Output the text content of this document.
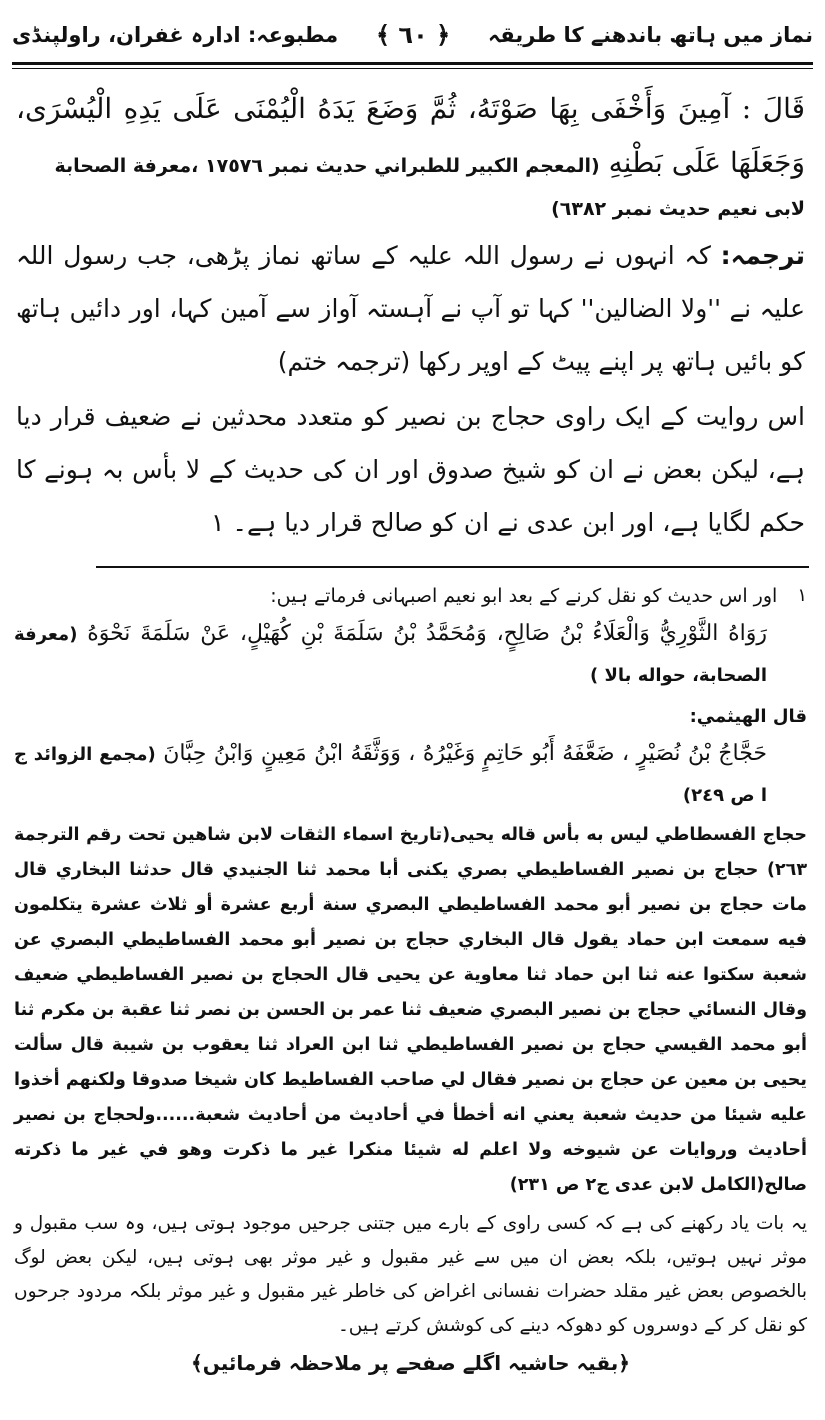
نماز میں ہاتھ باندھنے کا طریقہ
﴿ ٦٠ ﴾
مطبوعہ: ادارہ غفران، راولپنڈی
قَالَ : آمِينَ وَأَخْفَى بِهَا صَوْتَهُ، ثُمَّ وَضَعَ يَدَهُ الْيُمْنَى عَلَى يَدِهِ الْيُسْرَى، وَجَعَلَهَا عَلَى بَطْنِهِ (المعجم الكبير للطبراني حديث نمبر ١٧٥٧٦ ،معرفة الصحابة
لابى نعيم حديث نمبر ٦٣٨٢)

ترجمہ: کہ انہوں نے رسول اللہ علیہ کے ساتھ نماز پڑھی، جب رسول اللہ علیہ نے ''ولا الضالین'' کہا تو آپ نے آہستہ آواز سے آمین کہا، اور دائیں ہاتھ کو بائیں ہاتھ پر اپنے پیٹ کے اوپر رکھا (ترجمہ ختم)

اس روایت کے ایک راوی حجاج بن نصیر کو متعدد محدثین نے ضعیف قرار دیا ہے، لیکن بعض نے ان کو شیخ صدوق اور ان کی حدیث کے لا بأس بہ ہونے کا حکم لگایا ہے، اور ابن عدی نے ان کو صالح قرار دیا ہے۔ ١

١
اور اس حدیث کو نقل کرنے کے بعد ابو نعیم اصبہانی فرماتے ہیں:
رَوَاهُ الثَّوْرِيُّ وَالْعَلَاءُ بْنُ صَالِحٍ، وَمُحَمَّدُ بْنُ سَلَمَةَ بْنِ كُهَيْلٍ، عَنْ سَلَمَةَ نَحْوَهُ (معرفة الصحابة، حواله بالا )
قال الهيثمي:
حَجَّاجُ بْنُ نُصَيْرٍ ، ضَعَّفَهُ أَبُو حَاتِمٍ وَغَيْرُهُ ، وَوَثَّقَهُ ابْنُ مَعِينٍ وَابْنُ حِبَّانَ (مجمع الزوائد ج ا ص ٢٤٩)

حجاج الفسطاطي ليس به بأس قاله يحيى(تاريخ اسماء الثقات لابن شاهين تحت رقم الترجمة ٢٦٣) حجاج بن نصير الفساطيطي بصري يكنى أبا محمد ثنا الجنيدي قال حدثنا البخاري قال مات حجاج بن نصير أبو محمد الفساطيطي البصري سنة أربع عشرة أو ثلاث عشرة يتكلمون فيه سمعت ابن حماد يقول قال البخاري حجاج بن نصير أبو محمد الفساطيطي البصري عن شعبة سكتوا عنه ثنا ابن حماد ثنا معاوية عن يحيى قال الحجاج بن نصير الفساطيطي ضعيف وقال النسائي حجاج بن نصير البصري ضعيف ثنا عمر بن الحسن بن نصر ثنا عقبة بن مكرم ثنا أبو محمد القيسي حجاج بن نصير الفساطيطي ثنا ابن العراد ثنا يعقوب بن شيبة قال سألت يحيى بن معين عن حجاج بن نصير فقال لي صاحب الفساطيط كان شيخا صدوقا ولكنهم أخذوا عليه شيئا من حديث شعبة يعني انه أخطأ في أحاديث من أحاديث شعبة......ولحجاج بن نصير أحاديث وروايات عن شيوخه ولا اعلم له شيئا منكرا غير ما ذكرت وهو في غير ما ذكرته صالح(الكامل لابن عدى ج٢ ص ٢٣١)

یہ بات یاد رکھنے کی ہے کہ کسی راوی کے بارے میں جتنی جرحیں موجود ہوتی ہیں، وہ سب مقبول و موثر نہیں ہوتیں، بلکہ بعض ان میں سے غیر مقبول و غیر موثر بھی ہوتی ہیں، لیکن بعض لوگ بالخصوص بعض غیر مقلد حضرات نفسانی اغراض کی خاطر غیر مقبول و غیر موثر بلکہ مردود جرحوں کو نقل کر کے دوسروں کو دھوکہ دینے کی کوشش کرتے ہیں۔

﴿بقیہ حاشیہ اگلے صفحے پر ملاحظہ فرمائیں﴾
